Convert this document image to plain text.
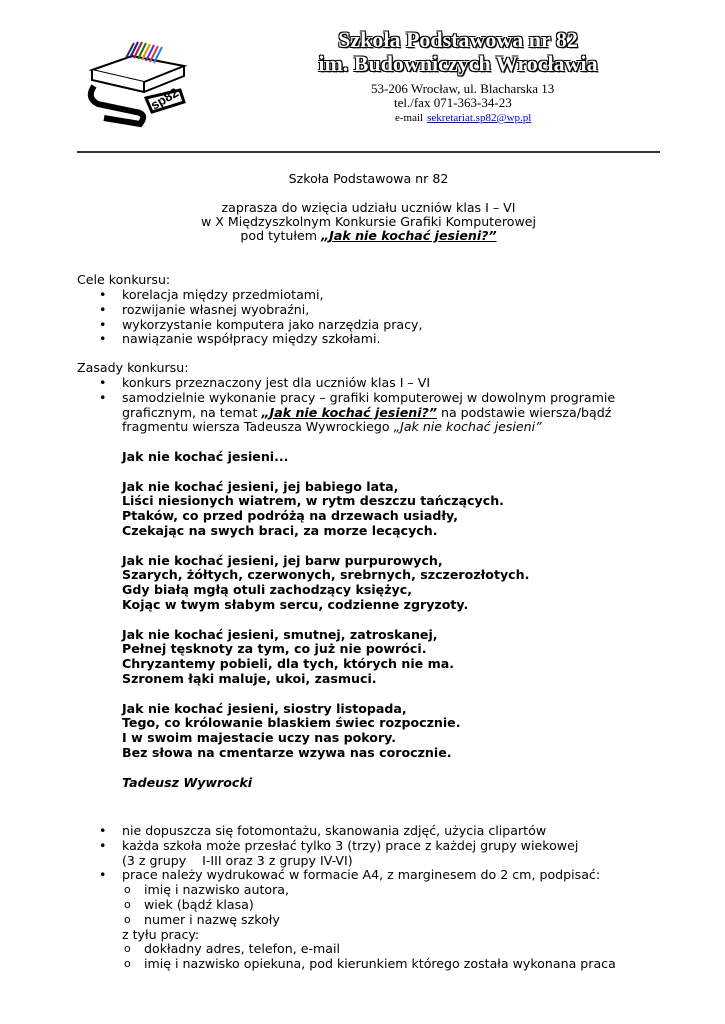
sp82
Szkoła Podstawowa nr 82
im. Budowniczych Wrocławia
53-206 Wrocław, ul. Blacharska 13
tel./fax 071-363-34-23
e-mail sekretariat.sp82@wp.pl
Szkoła Podstawowa nr 82
zaprasza do wzięcia udziału uczniów klas I – VI
w X Międzyszkolnym Konkursie Grafiki Komputerowej
pod tytułem „Jak nie kochać jesieni?”
Cele konkursu:
• korelacja między przedmiotami,
• rozwijanie własnej wyobraźni,
• wykorzystanie komputera jako narzędzia pracy,
• nawiązanie współpracy między szkołami.
Zasady konkursu:
• konkurs przeznaczony jest dla uczniów klas I – VI
• samodzielnie wykonanie pracy – grafiki komputerowej w dowolnym programie
graficznym, na temat „Jak nie kochać jesieni?” na podstawie wiersza/bądź
fragmentu wiersza Tadeusza Wywrockiego „Jak nie kochać jesieni”

Jak nie kochać jesieni...

Jak nie kochać jesieni, jej babiego lata,

Liści niesionych wiatrem, w rytm deszczu tańczących.

Ptaków, co przed podróżą na drzewach usiadły,

Czekając na swych braci, za morze lecących.

Jak nie kochać jesieni, jej barw purpurowych,

Szarych, żółtych, czerwonych, srebrnych, szczerozłotych.

Gdy białą mgłą otuli zachodzący księżyc,

Kojąc w twym słabym sercu, codzienne zgryzoty.

Jak nie kochać jesieni, smutnej, zatroskanej,

Pełnej tęsknoty za tym, co już nie powróci.

Chryzantemy pobieli, dla tych, których nie ma.

Szronem łąki maluje, ukoi, zasmuci.

Jak nie kochać jesieni, siostry listopada,

Tego, co królowanie blaskiem świec rozpocznie.

I w swoim majestacie uczy nas pokory.

Bez słowa na cmentarze wzywa nas corocznie.

Tadeusz Wywrocki

• nie dopuszcza się fotomontażu, skanowania zdjęć, użycia clipartów
• każda szkoła może przesłać tylko 3 (trzy) prace z każdej grupy wiekowej
(3 z grupy    I-III oraz 3 z grupy IV-VI)
• prace należy wydrukować w formacie A4, z marginesem do 2 cm, podpisać:
o imię i nazwisko autora,
o wiek (bądź klasa)
o numer i nazwę szkoły
z tyłu pracy:
o dokładny adres, telefon, e-mail
o imię i nazwisko opiekuna, pod kierunkiem którego została wykonana praca
